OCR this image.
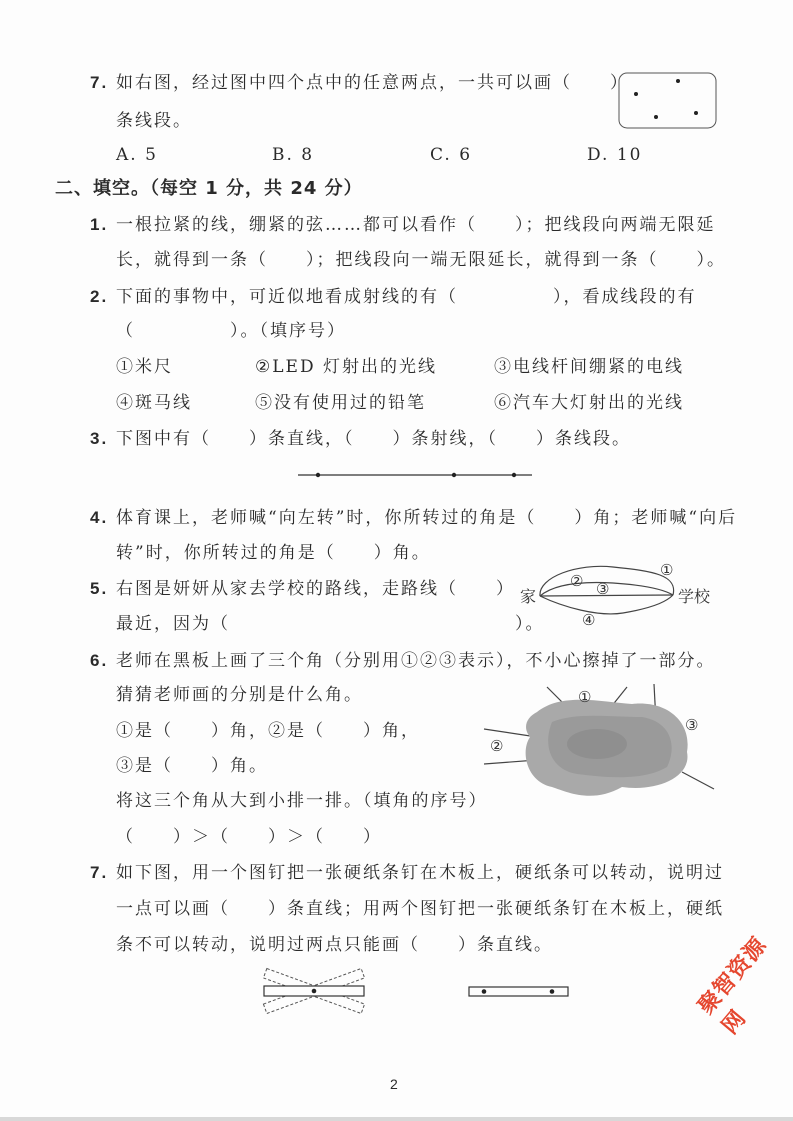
7. 如右图，经过图中四个点中的任意两点，一共可以画（　　）
条线段。
A. 5	B. 8	C. 6	D. 10
二、填空。（每空 1 分，共 24 分）
1. 一根拉紧的线，绷紧的弦……都可以看作（　　）；把线段向两端无限延
长，就得到一条（　　）；把线段向一端无限延长，就得到一条（　　）。
2. 下面的事物中，可近似地看成射线的有（　　　　　），看成线段的有
（　　　　　）。（填序号）
①米尺	②LED 灯射出的光线	③电线杆间绷紧的电线
④斑马线	⑤没有使用过的铅笔	⑥汽车大灯射出的光线
3. 下图中有（　　）条直线，（　　）条射线，（　　）条线段。
4. 体育课上，老师喊“向左转”时，你所转过的角是（　　）角；老师喊“向后
转”时，你所转过的角是（　　）角。
5. 右图是妍妍从家去学校的路线，走路线（　　）
最近，因为（　　　　　　　　　　　　　　　）。
家	学校
①
② ③
④
6. 老师在黑板上画了三个角（分别用①②③表示），不小心擦掉了一部分。
猜猜老师画的分别是什么角。
①是（　　）角，②是（　　）角，
③是（　　）角。
将这三个角从大到小排一排。（填角的序号）
（　　）＞（　　）＞（　　）
①
②
③
7. 如下图，用一个图钉把一张硬纸条钉在木板上，硬纸条可以转动，说明过
一点可以画（　　）条直线；用两个图钉把一张硬纸条钉在木板上，硬纸
条不可以转动，说明过两点只能画（　　）条直线。	聚智资源网
2
